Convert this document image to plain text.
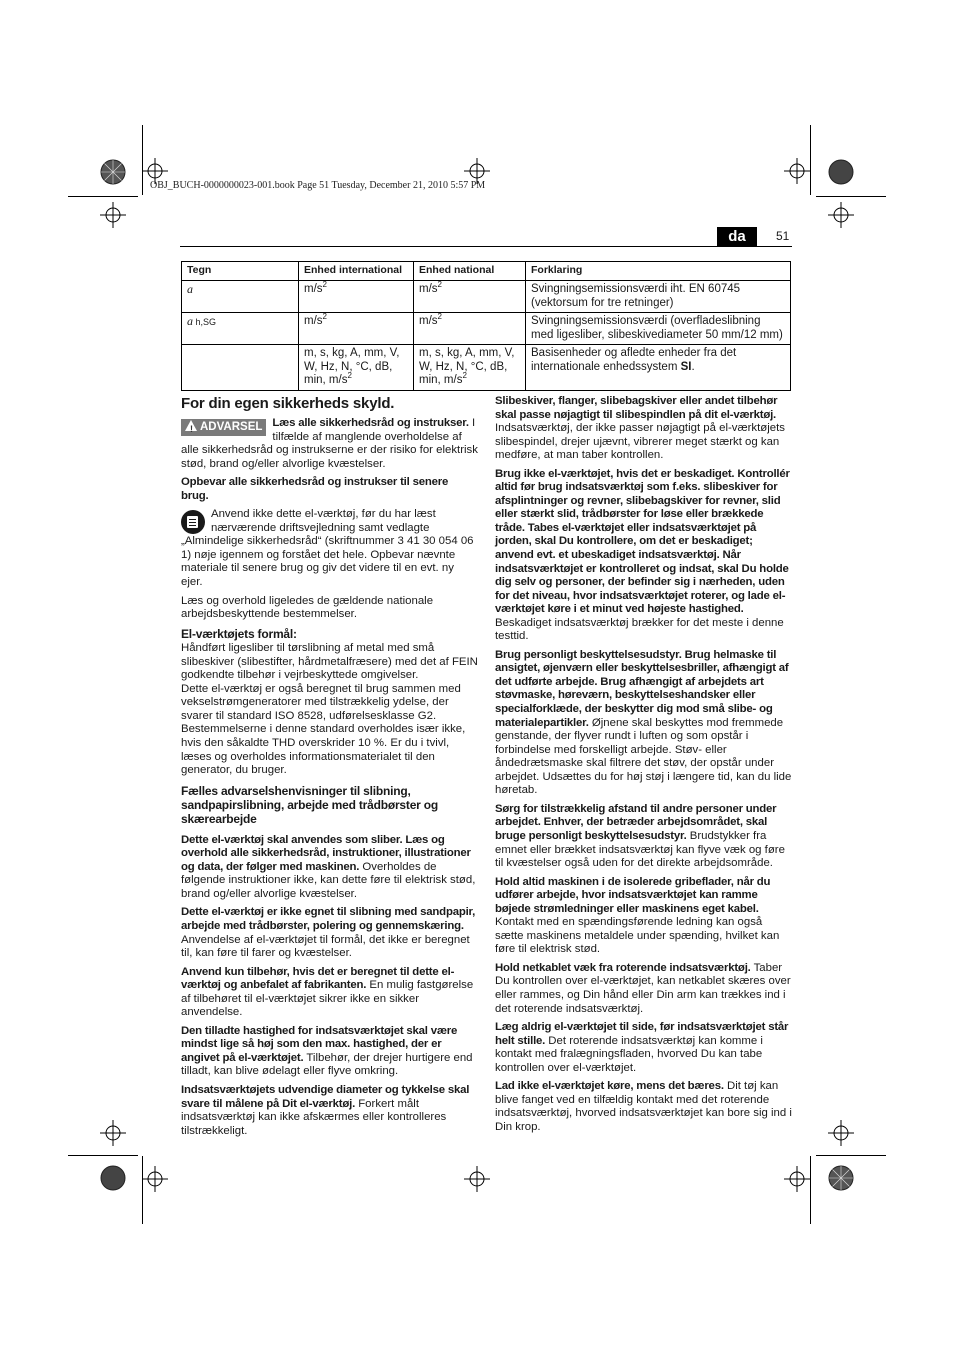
OBJ_BUCH-0000000023-001.book Page 51 Tuesday, December 21, 2010 5:57 PM
da	51
Tegn	Enhed international	Enhed national	Forklaring
a	$m/s^2$	$m/s^2$	Svingningsemissionsværdi iht. EN 60745 (vektorsum for tre retninger)
a h,SG	$m/s^2$	$m/s^2$	Svingningsemissionsværdi (overfladeslibning med ligesliber, slibeskivediameter 50 mm/12 mm)
	m, s, kg, A, mm, V, W, Hz, N, °C, dB, min, $m/s^2$	m, s, kg, A, mm, V, W, Hz, N, °C, dB, min, $m/s^2$	Basisenheder og afledte enheder fra det internationale enhedssystem SI.
For din egen sikkerheds skyld.

! ADVARSEL Læs alle sikkerhedsråd og instrukser. I tilfælde af manglende overholdelse af alle sikkerhedsråd og instrukserne er der risiko for elektrisk stød, brand og/eller alvorlige kvæstelser.

Opbevar alle sikkerhedsråd og instrukser til senere brug.

Anvend ikke dette el-værktøj, før du har læst nærværende driftsvejledning samt vedlagte „Almindelige sikkerhedsråd“ (skriftnummer 3 41 30 054 06 1) nøje igennem og forstået det hele. Opbevar nævnte materiale til senere brug og giv det videre til en evt. ny ejer.

Læs og overhold ligeledes de gældende nationale arbejdsbeskyttende bestemmelser.

El-værktøjets formål:

Håndført ligesliber til tørslibning af metal med små slibeskiver (slibestifter, hårdmetalfræsere) med det af FEIN godkendte tilbehør i vejrbeskyttede omgivelser.

Dette el-værktøj er også beregnet til brug sammen med vekselstrømgeneratorer med tilstrækkelig ydelse, der svarer til standard ISO 8528, udførelsesklasse G2. Bestemmelserne i denne standard overholdes især ikke, hvis den såkaldte THD overskrider 10 %. Er du i tvivl, læses og overholdes informationsmaterialet til den generator, du bruger.

Fælles advarselshenvisninger til slibning, sandpapirslibning, arbejde med trådbørster og skærearbejde

Dette el-værktøj skal anvendes som sliber. Læs og overhold alle sikkerhedsråd, instruktioner, illustrationer og data, der følger med maskinen. Overholdes de følgende instruktioner ikke, kan dette føre til elektrisk stød, brand og/eller alvorlige kvæstelser.

Dette el-værktøj er ikke egnet til slibning med sandpapir, arbejde med trådbørster, polering og gennemskæring. Anvendelse af el-værktøjet til formål, det ikke er beregnet til, kan føre til farer og kvæstelser.

Anvend kun tilbehør, hvis det er beregnet til dette el-værktøj og anbefalet af fabrikanten. En mulig fastgørelse af tilbehøret til el-værktøjet sikrer ikke en sikker anvendelse.

Den tilladte hastighed for indsatsværktøjet skal være mindst lige så høj som den max. hastighed, der er angivet på el-værktøjet. Tilbehør, der drejer hurtigere end tilladt, kan blive ødelagt eller flyve omkring.

Indsatsværktøjets udvendige diameter og tykkelse skal svare til målene på Dit el-værktøj. Forkert målt indsatsværktøj kan ikke afskærmes eller kontrolleres tilstrækkeligt.

Slibeskiver, flanger, slibebagskiver eller andet tilbehør skal passe nøjagtigt til slibespindlen på dit el-værktøj. Indsatsværktøj, der ikke passer nøjagtigt på el-værktøjets slibespindel, drejer ujævnt, vibrerer meget stærkt og kan medføre, at man taber kontrollen.

Brug ikke el-værktøjet, hvis det er beskadiget. Kontrollér altid før brug indsatsværktøj som f.eks. slibeskiver for afsplintninger og revner, slibebagskiver for revner, slid eller stærkt slid, trådbørster for løse eller brækkede tråde. Tabes el-værktøjet eller indsatsværktøjet på jorden, skal Du kontrollere, om det er beskadiget; anvend evt. et ubeskadiget indsatsværktøj. Når indsatsværktøjet er kontrolleret og indsat, skal Du holde dig selv og personer, der befinder sig i nærheden, uden for det niveau, hvor indsatsværktøjet roterer, og lade el-værktøjet køre i et minut ved højeste hastighed. Beskadiget indsatsværktøj brækker for det meste i denne testtid.

Brug personligt beskyttelsesudstyr. Brug helmaske til ansigtet, øjenværn eller beskyttelsesbriller, afhængigt af det udførte arbejde. Brug afhængigt af arbejdets art støvmaske, høreværn, beskyttelseshandsker eller specialforklæde, der beskytter dig mod små slibe- og materialepartikler. Øjnene skal beskyttes mod fremmede genstande, der flyver rundt i luften og som opstår i forbindelse med forskelligt arbejde. Støv- eller åndedrætsmaske skal filtrere det støv, der opstår under arbejdet. Udsættes du for høj støj i længere tid, kan du lide høretab.

Sørg for tilstrækkelig afstand til andre personer under arbejdet. Enhver, der betræder arbejdsområdet, skal bruge personligt beskyttelsesudstyr. Brudstykker fra emnet eller brækket indsatsværktøj kan flyve væk og føre til kvæstelser også uden for det direkte arbejdsområde.

Hold altid maskinen i de isolerede gribeflader, når du udfører arbejde, hvor indsatsværktøjet kan ramme bøjede strømledninger eller maskinens eget kabel. Kontakt med en spændingsførende ledning kan også sætte maskinens metaldele under spænding, hvilket kan føre til elektrisk stød.

Hold netkablet væk fra roterende indsatsværktøj. Taber Du kontrollen over el-værktøjet, kan netkablet skæres over eller rammes, og Din hånd eller Din arm kan trækkes ind i det roterende indsatsværktøj.

Læg aldrig el-værktøjet til side, før indsatsværktøjet står helt stille. Det roterende indsatsværktøj kan komme i kontakt med fralægningsfladen, hvorved Du kan tabe kontrollen over el-værktøjet.

Lad ikke el-værktøjet køre, mens det bæres. Dit tøj kan blive fanget ved en tilfældig kontakt med det roterende indsatsværktøj, hvorved indsatsværktøjet kan bore sig ind i Din krop.
